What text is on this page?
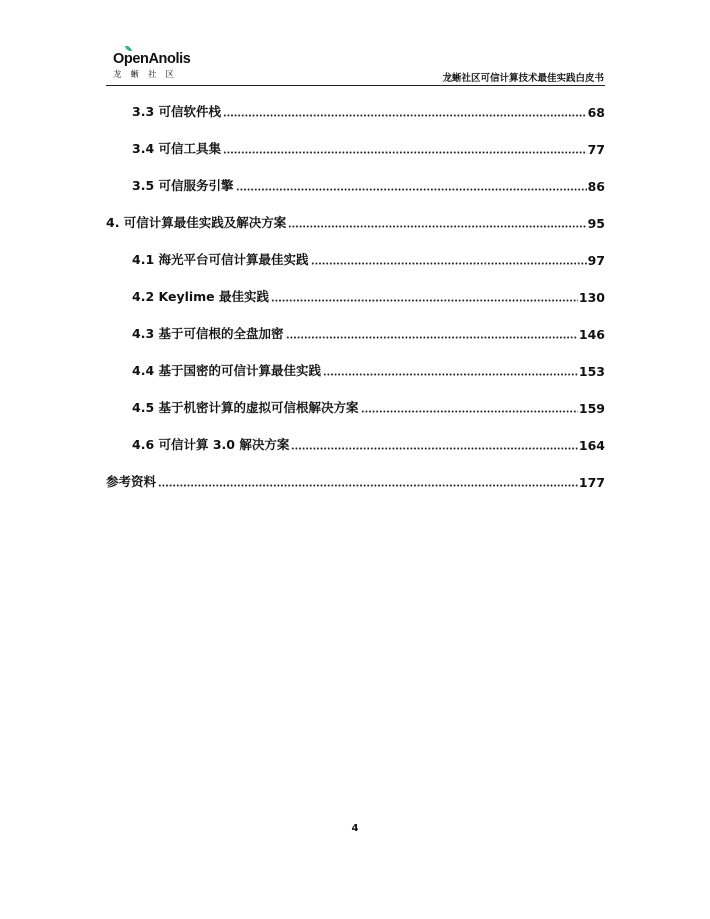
O
penAnolis
龙蜥社区	龙蜥社区可信计算技术最佳实践白皮书
3.3 可信软件栈	68
3.4 可信工具集	77
3.5 可信服务引擎	86
4. 可信计算最佳实践及解决方案	95
4.1 海光平台可信计算最佳实践	97
4.2 Keylime 最佳实践	130
4.3 基于可信根的全盘加密	146
4.4 基于国密的可信计算最佳实践	153
4.5 基于机密计算的虚拟可信根解决方案	159
4.6 可信计算 3.0 解决方案	164
参考资料	177
4
